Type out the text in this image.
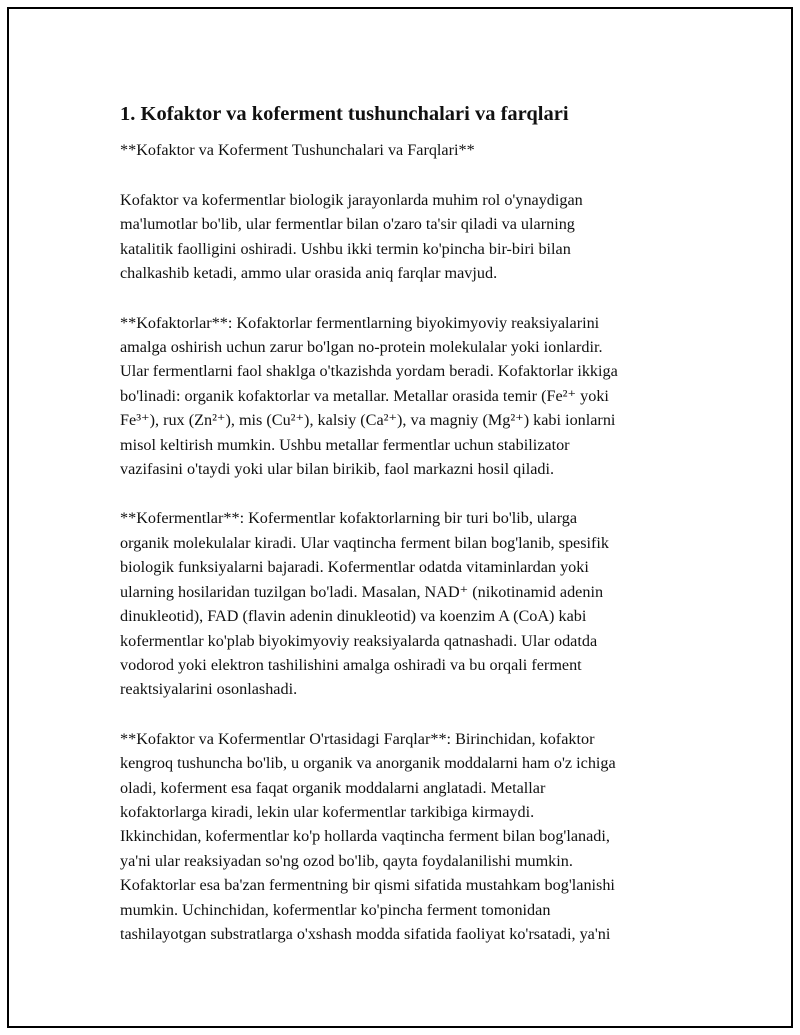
1. Kofaktor va koferment tushunchalari va farqlari

**Kofaktor va Koferment Tushunchalari va Farqlari**

Kofaktor va kofermentlar biologik jarayonlarda muhim rol o'ynaydigan
ma'lumotlar bo'lib, ular fermentlar bilan o'zaro ta'sir qiladi va ularning
katalitik faolligini oshiradi. Ushbu ikki termin ko'pincha bir-biri bilan
chalkashib ketadi, ammo ular orasida aniq farqlar mavjud.

**Kofaktorlar**: Kofaktorlar fermentlarning biyokimyoviy reaksiyalarini
amalga oshirish uchun zarur bo'lgan no-protein molekulalar yoki ionlardir.
Ular fermentlarni faol shaklga o'tkazishda yordam beradi. Kofaktorlar ikkiga
bo'linadi: organik kofaktorlar va metallar. Metallar orasida temir (Fe²⁺ yoki
Fe³⁺), rux (Zn²⁺), mis (Cu²⁺), kalsiy (Ca²⁺), va magniy (Mg²⁺) kabi ionlarni
misol keltirish mumkin. Ushbu metallar fermentlar uchun stabilizator
vazifasini o'taydi yoki ular bilan birikib, faol markazni hosil qiladi.

**Kofermentlar**: Kofermentlar kofaktorlarning bir turi bo'lib, ularga
organik molekulalar kiradi. Ular vaqtincha ferment bilan bog'lanib, spesifik
biologik funksiyalarni bajaradi. Kofermentlar odatda vitaminlardan yoki
ularning hosilaridan tuzilgan bo'ladi. Masalan, NAD⁺ (nikotinamid adenin
dinukleotid), FAD (flavin adenin dinukleotid) va koenzim A (CoA) kabi
kofermentlar ko'plab biyokimyoviy reaksiyalarda qatnashadi. Ular odatda
vodorod yoki elektron tashilishini amalga oshiradi va bu orqali ferment
reaktsiyalarini osonlashadi.

**Kofaktor va Kofermentlar O'rtasidagi Farqlar**: Birinchidan, kofaktor
kengroq tushuncha bo'lib, u organik va anorganik moddalarni ham o'z ichiga
oladi, koferment esa faqat organik moddalarni anglatadi. Metallar
kofaktorlarga kiradi, lekin ular kofermentlar tarkibiga kirmaydi.
Ikkinchidan, kofermentlar ko'p hollarda vaqtincha ferment bilan bog'lanadi,
ya'ni ular reaksiyadan so'ng ozod bo'lib, qayta foydalanilishi mumkin.
Kofaktorlar esa ba'zan fermentning bir qismi sifatida mustahkam bog'lanishi
mumkin. Uchinchidan, kofermentlar ko'pincha ferment tomonidan
tashilayotgan substratlarga o'xshash modda sifatida faoliyat ko'rsatadi, ya'ni
